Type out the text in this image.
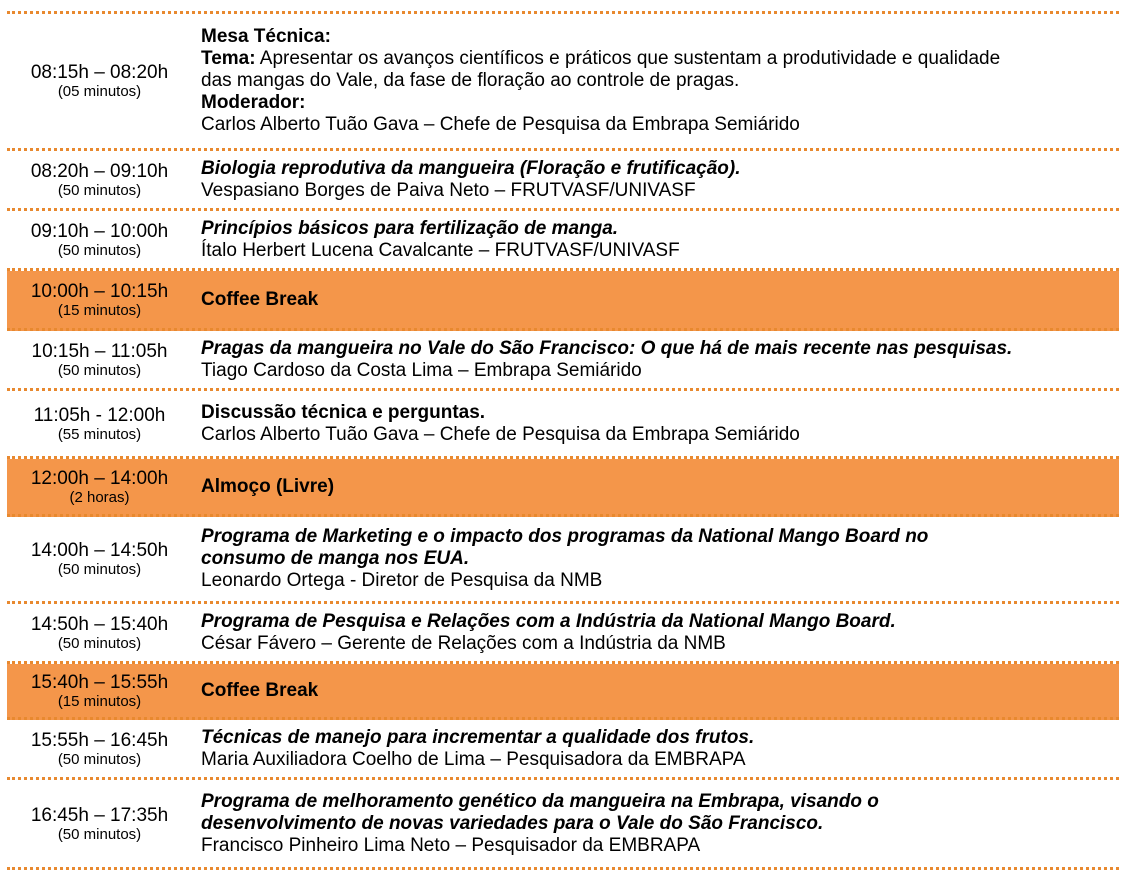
08:15h – 08:20h
(05 minutos)
Mesa Técnica:
Tema: Apresentar os avanços científicos e práticos que sustentam a produtividade e qualidade
das mangas do Vale, da fase de floração ao controle de pragas.
Moderador:
Carlos Alberto Tuão Gava – Chefe de Pesquisa da Embrapa Semiárido
08:20h – 09:10h
(50 minutos)
Biologia reprodutiva da mangueira (Floração e frutificação).
Vespasiano Borges de Paiva Neto – FRUTVASF/UNIVASF
09:10h – 10:00h
(50 minutos)
Princípios básicos para fertilização de manga.
Ítalo Herbert Lucena Cavalcante – FRUTVASF/UNIVASF
10:00h – 10:15h
(15 minutos)
Coffee Break
10:15h – 11:05h
(50 minutos)
Pragas da mangueira no Vale do São Francisco: O que há de mais recente nas pesquisas.
Tiago Cardoso da Costa Lima – Embrapa Semiárido
11:05h - 12:00h
(55 minutos)
Discussão técnica e perguntas.
Carlos Alberto Tuão Gava – Chefe de Pesquisa da Embrapa Semiárido
12:00h – 14:00h
(2 horas)
Almoço (Livre)
14:00h – 14:50h
(50 minutos)
Programa de Marketing e o impacto dos programas da National Mango Board no
consumo de manga nos EUA.
Leonardo Ortega - Diretor de Pesquisa da NMB
14:50h – 15:40h
(50 minutos)
Programa de Pesquisa e Relações com a Indústria da National Mango Board.
César Fávero – Gerente de Relações com a Indústria da NMB
15:40h – 15:55h
(15 minutos)
Coffee Break
15:55h – 16:45h
(50 minutos)
Técnicas de manejo para incrementar a qualidade dos frutos.
Maria Auxiliadora Coelho de Lima – Pesquisadora da EMBRAPA
16:45h – 17:35h
(50 minutos)
Programa de melhoramento genético da mangueira na Embrapa, visando o
desenvolvimento de novas variedades para o Vale do São Francisco.
Francisco Pinheiro Lima Neto – Pesquisador da EMBRAPA
